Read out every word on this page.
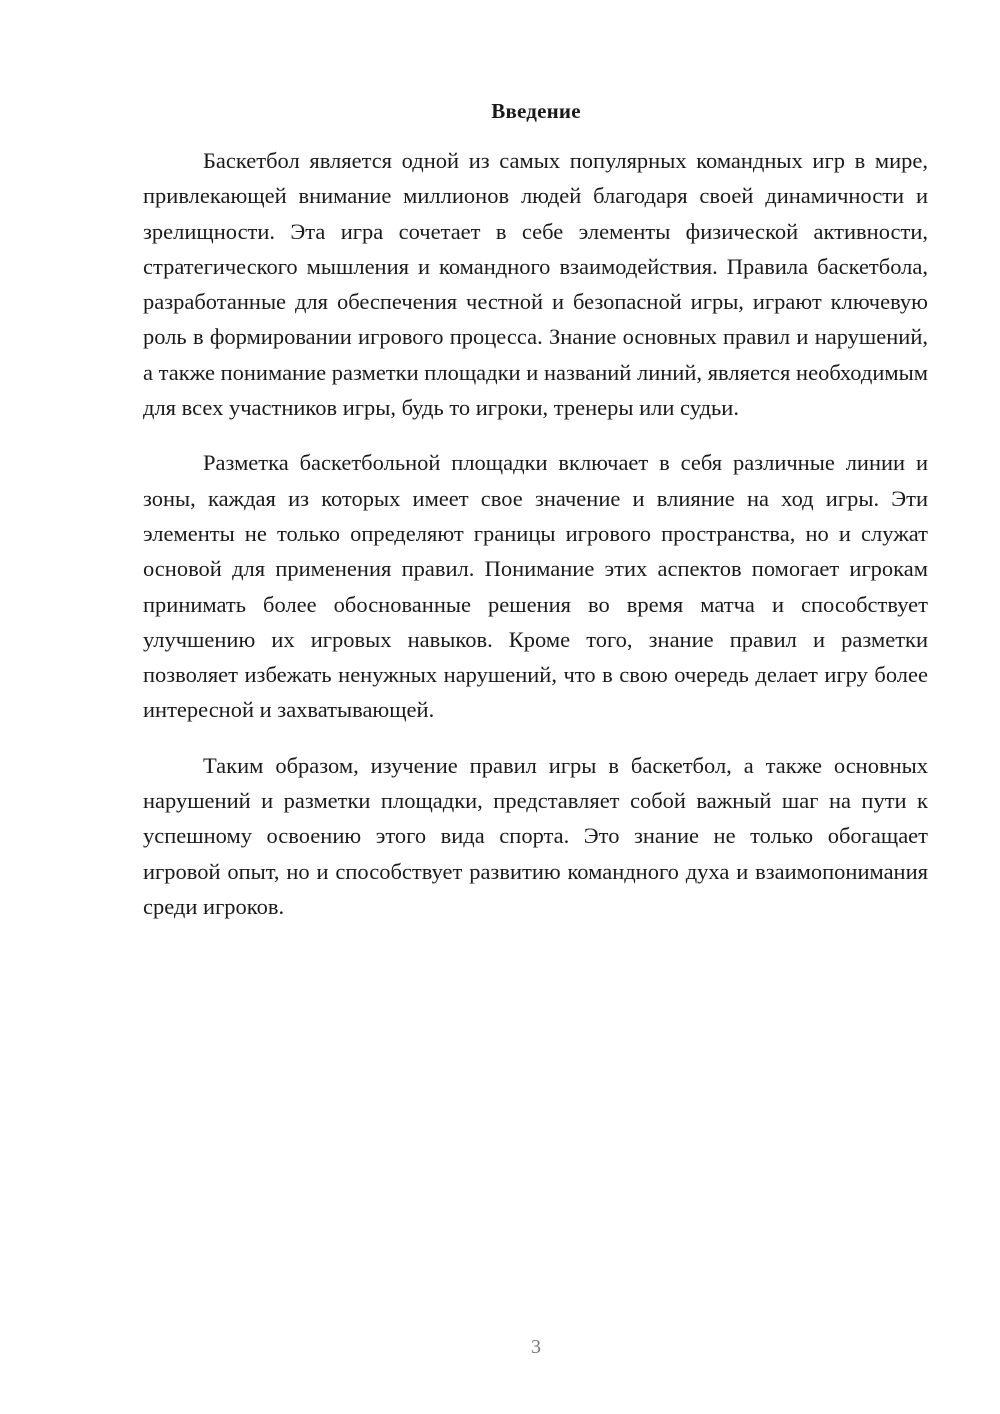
Введение

Баскетбол является одной из самых популярных командных игр в мире, привлекающей внимание миллионов людей благодаря своей динамичности и зрелищности. Эта игра сочетает в себе элементы физической активности, стратегического мышления и командного взаимодействия. Правила баскетбола, разработанные для обеспечения честной и безопасной игры, играют ключевую роль в формировании игрового процесса. Знание основных правил и нарушений, а также понимание разметки площадки и названий линий, является необходимым для всех участников игры, будь то игроки, тренеры или судьи.

Разметка баскетбольной площадки включает в себя различные линии и зоны, каждая из которых имеет свое значение и влияние на ход игры. Эти элементы не только определяют границы игрового пространства, но и служат основой для применения правил. Понимание этих аспектов помогает игрокам принимать более обоснованные решения во время матча и способствует улучшению их игровых навыков. Кроме того, знание правил и разметки позволяет избежать ненужных нарушений, что в свою очередь делает игру более интересной и захватывающей.

Таким образом, изучение правил игры в баскетбол, а также основных нарушений и разметки площадки, представляет собой важный шаг на пути к успешному освоению этого вида спорта. Это знание не только обогащает игровой опыт, но и способствует развитию командного духа и взаимопонимания среди игроков.

3
